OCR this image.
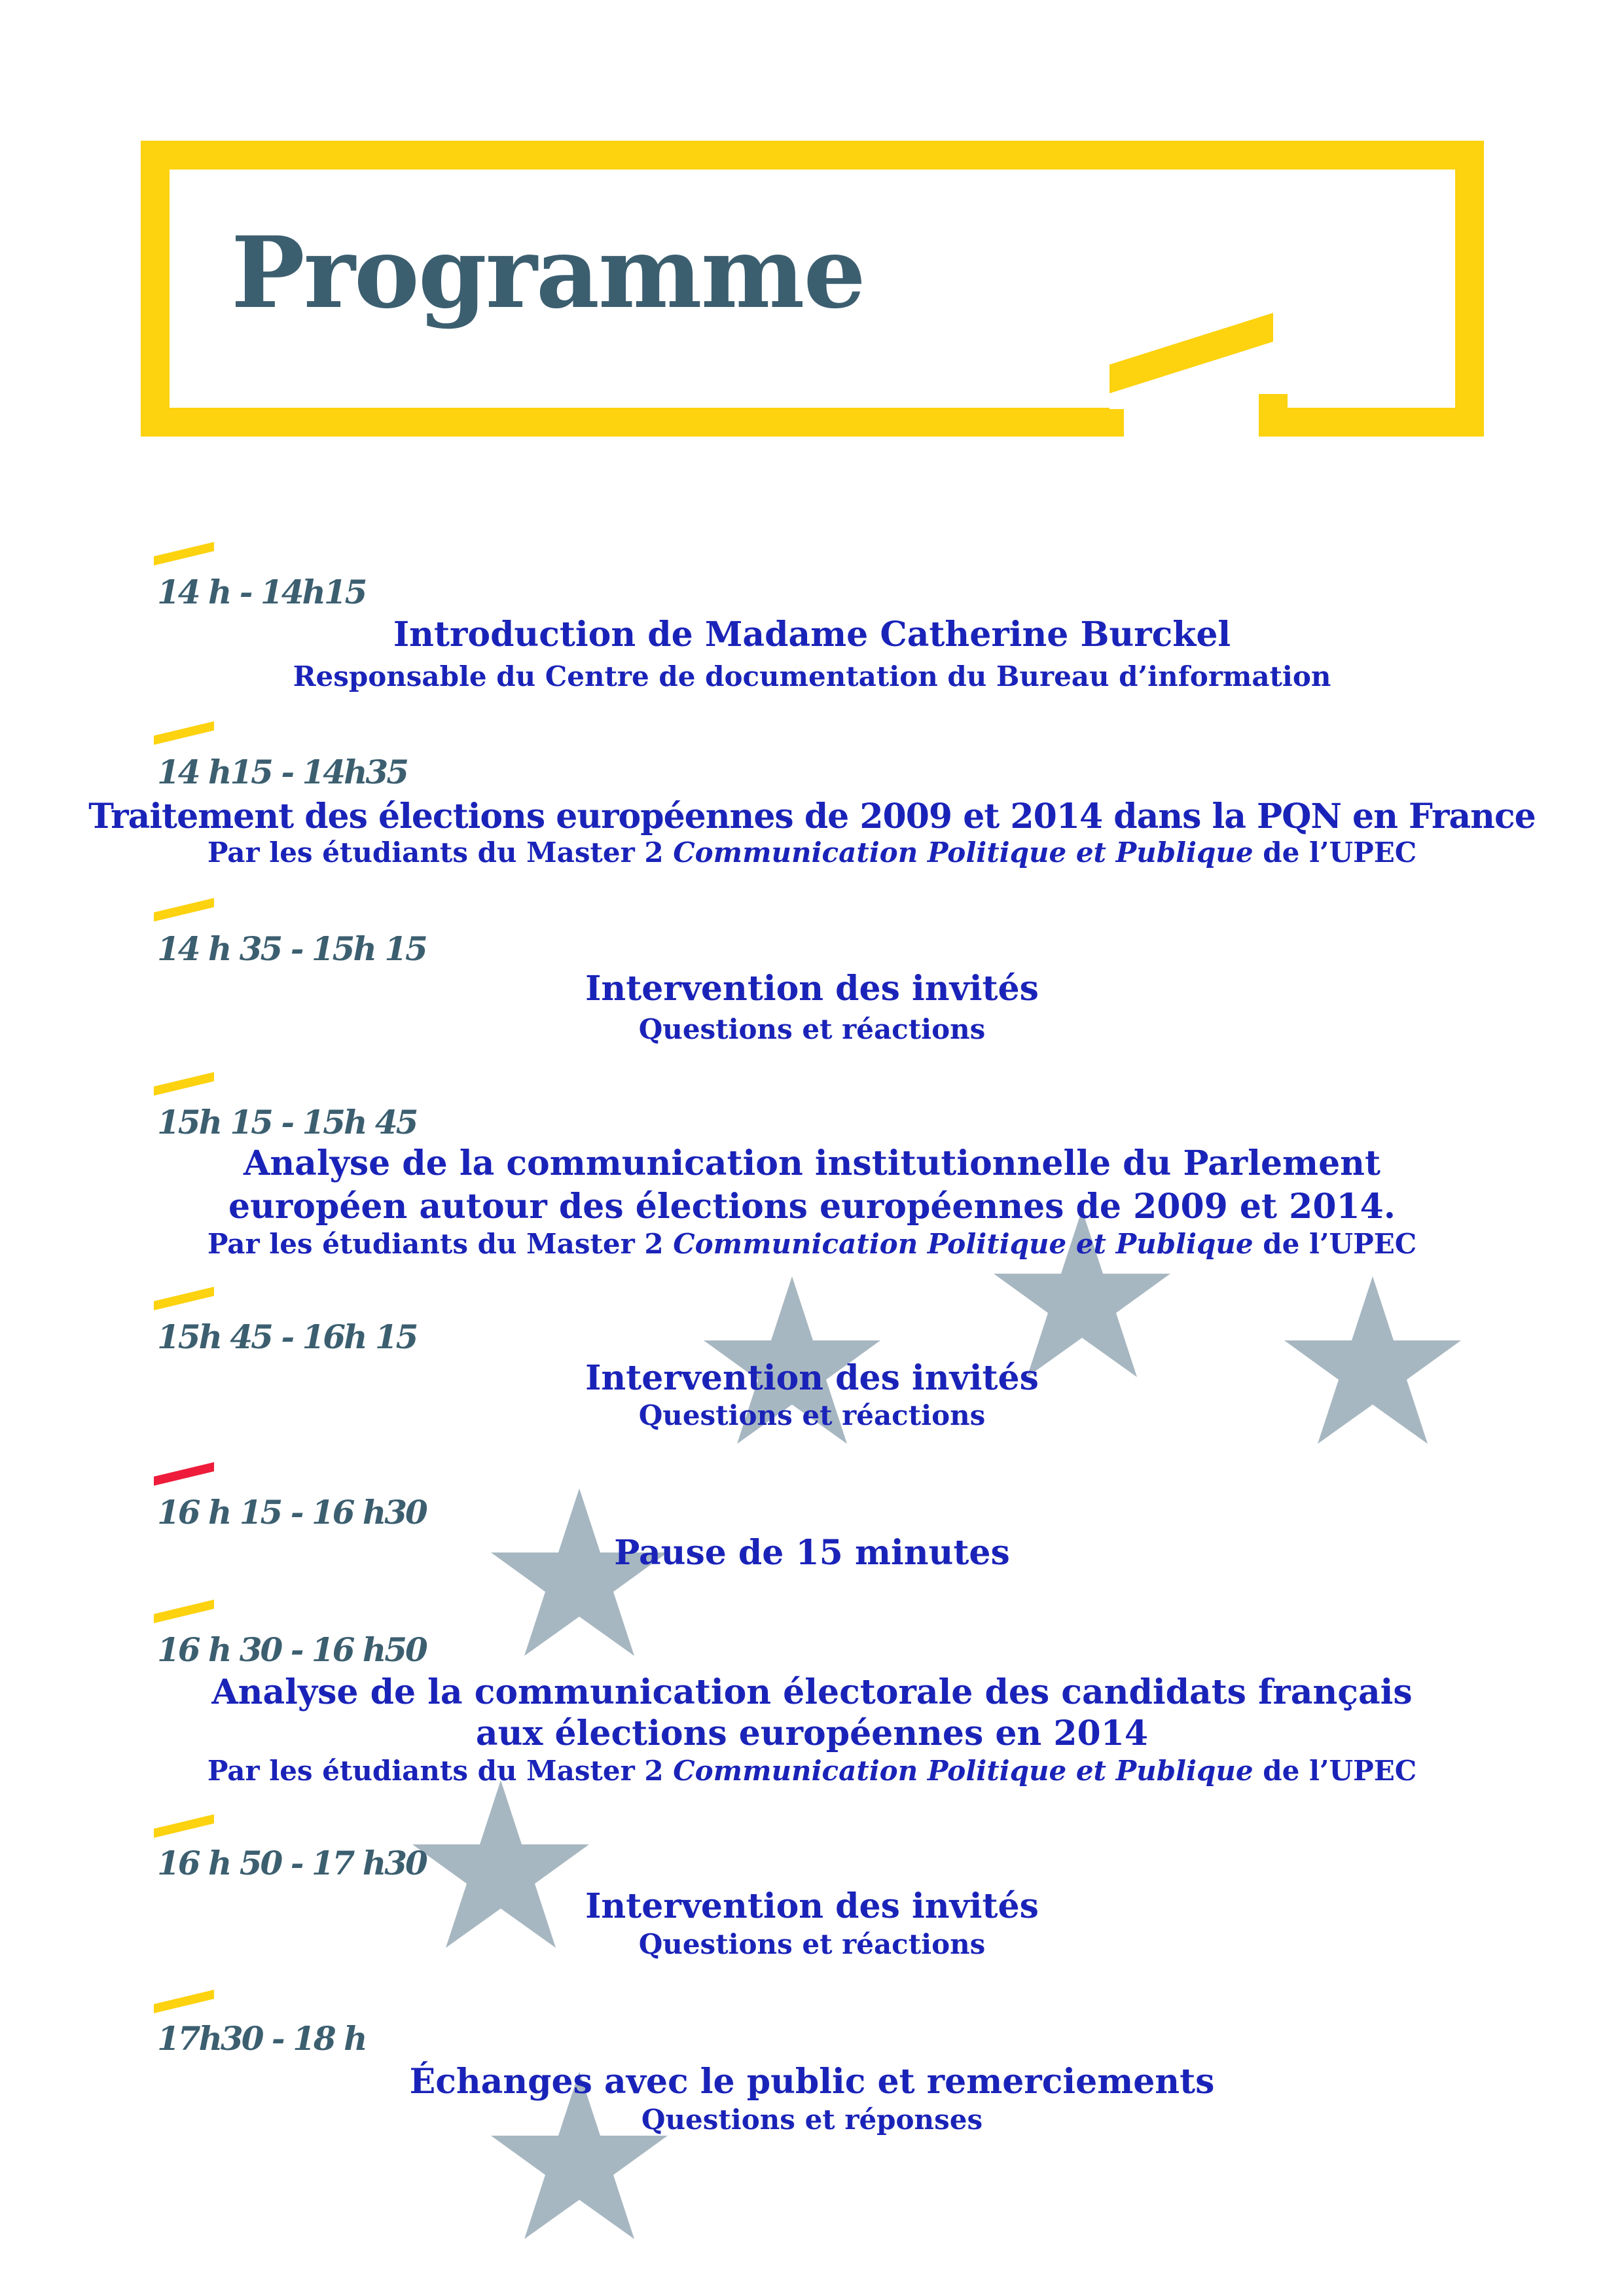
Programme
14 h - 14h15
Introduction de Madame Catherine Burckel
Responsable du Centre de documentation du Bureau d’information
14 h15 - 14h35
Traitement des élections européennes de 2009 et 2014 dans la PQN en France
Par les étudiants du Master 2 Communication Politique et Publique de l’UPEC
14 h 35 - 15h 15
Intervention des invités
Questions et réactions
15h 15 - 15h 45
Analyse de la communication institutionnelle du Parlement
européen autour des élections européennes de 2009 et 2014.
Par les étudiants du Master 2 Communication Politique et Publique de l’UPEC
15h 45 - 16h 15
Intervention des invités
Questions et réactions
16 h 15 - 16 h30
Pause de 15 minutes
16 h 30 - 16 h50
Analyse de la communication électorale des candidats français
aux élections européennes en 2014
Par les étudiants du Master 2 Communication Politique et Publique de l’UPEC
16 h 50 - 17 h30
Intervention des invités
Questions et réactions
17h30 - 18 h
Échanges avec le public et remerciements
Questions et réponses
